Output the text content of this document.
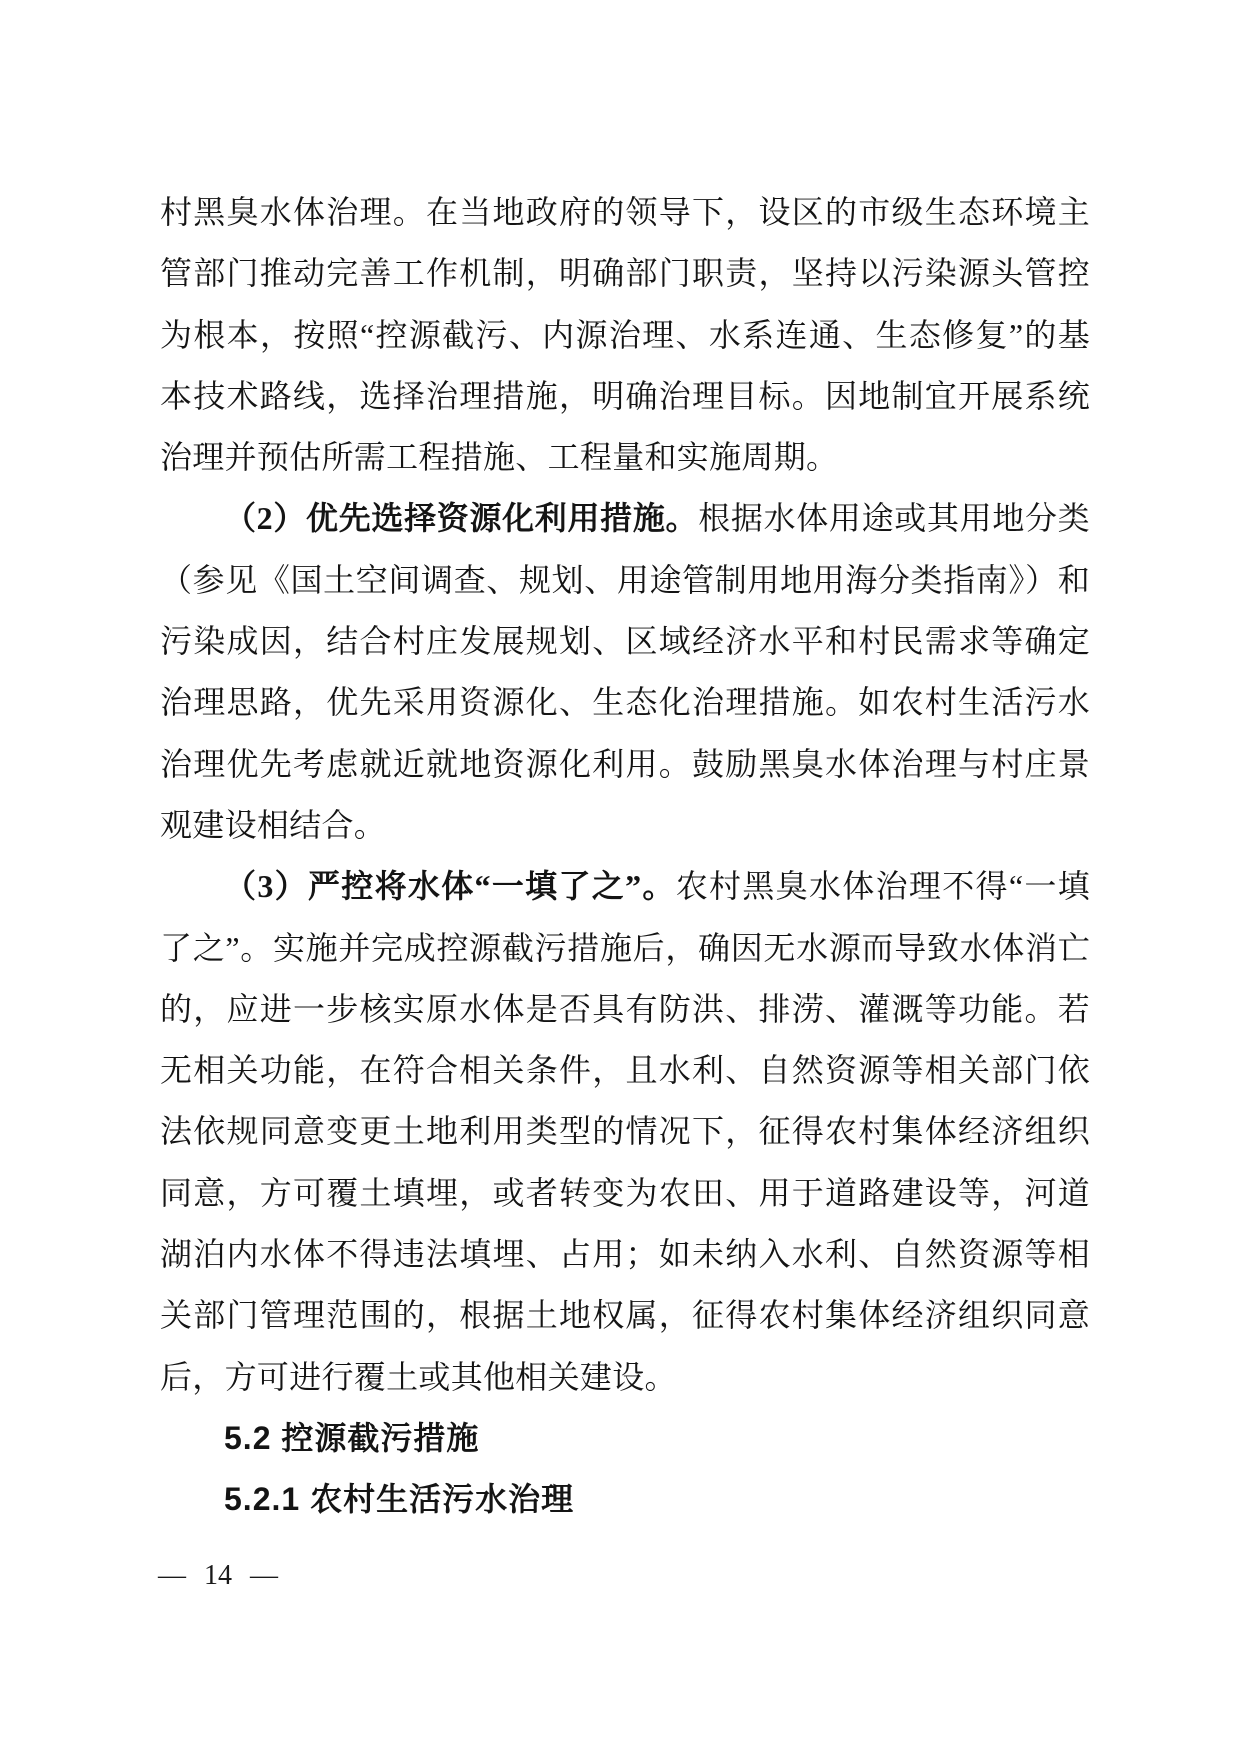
村黑臭水体治理。在当地政府的领导下，设区的市级生态环境主管部门推动完善工作机制，明确部门职责，坚持以污染源头管控为根本，按照“控源截污、内源治理、水系连通、生态修复”的基本技术路线，选择治理措施，明确治理目标。因地制宜开展系统治理并预估所需工程措施、工程量和实施周期。

（2）优先选择资源化利用措施。根据水体用途或其用地分类（参见《国土空间调查、规划、用途管制用地用海分类指南》）和污染成因，结合村庄发展规划、区域经济水平和村民需求等确定治理思路，优先采用资源化、生态化治理措施。如农村生活污水治理优先考虑就近就地资源化利用。鼓励黑臭水体治理与村庄景观建设相结合。

（3）严控将水体“一填了之”。农村黑臭水体治理不得“一填了之”。实施并完成控源截污措施后，确因无水源而导致水体消亡的，应进一步核实原水体是否具有防洪、排涝、灌溉等功能。若无相关功能，在符合相关条件，且水利、自然资源等相关部门依法依规同意变更土地利用类型的情况下，征得农村集体经济组织同意，方可覆土填埋，或者转变为农田、用于道路建设等，河道湖泊内水体不得违法填埋、占用；如未纳入水利、自然资源等相关部门管理范围的，根据土地权属，征得农村集体经济组织同意后，方可进行覆土或其他相关建设。

5.2 控源截污措施

5.2.1 农村生活污水治理

— 14 —
